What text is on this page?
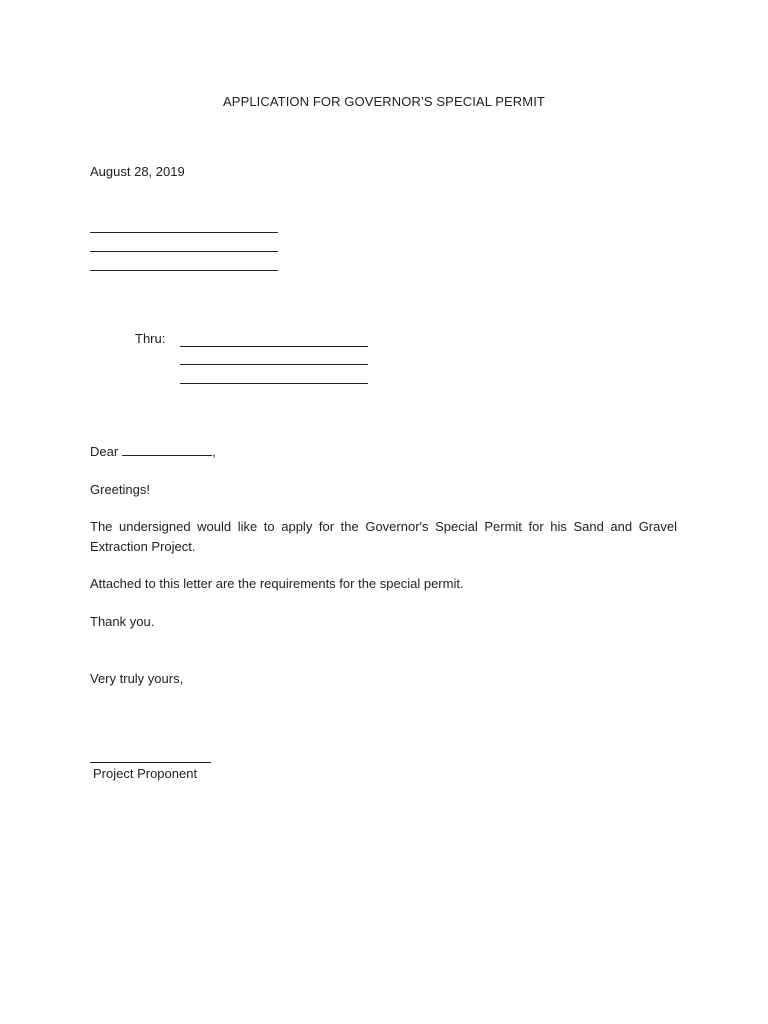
APPLICATION FOR GOVERNOR’S SPECIAL PERMIT
August 28, 2019
Thru:
Dear	,
Greetings!
The undersigned would like to apply for the Governor's Special Permit for his Sand and Gravel Extraction Project.
Attached to this letter are the requirements for the special permit.
Thank you.
Very truly yours,
Project Proponent
